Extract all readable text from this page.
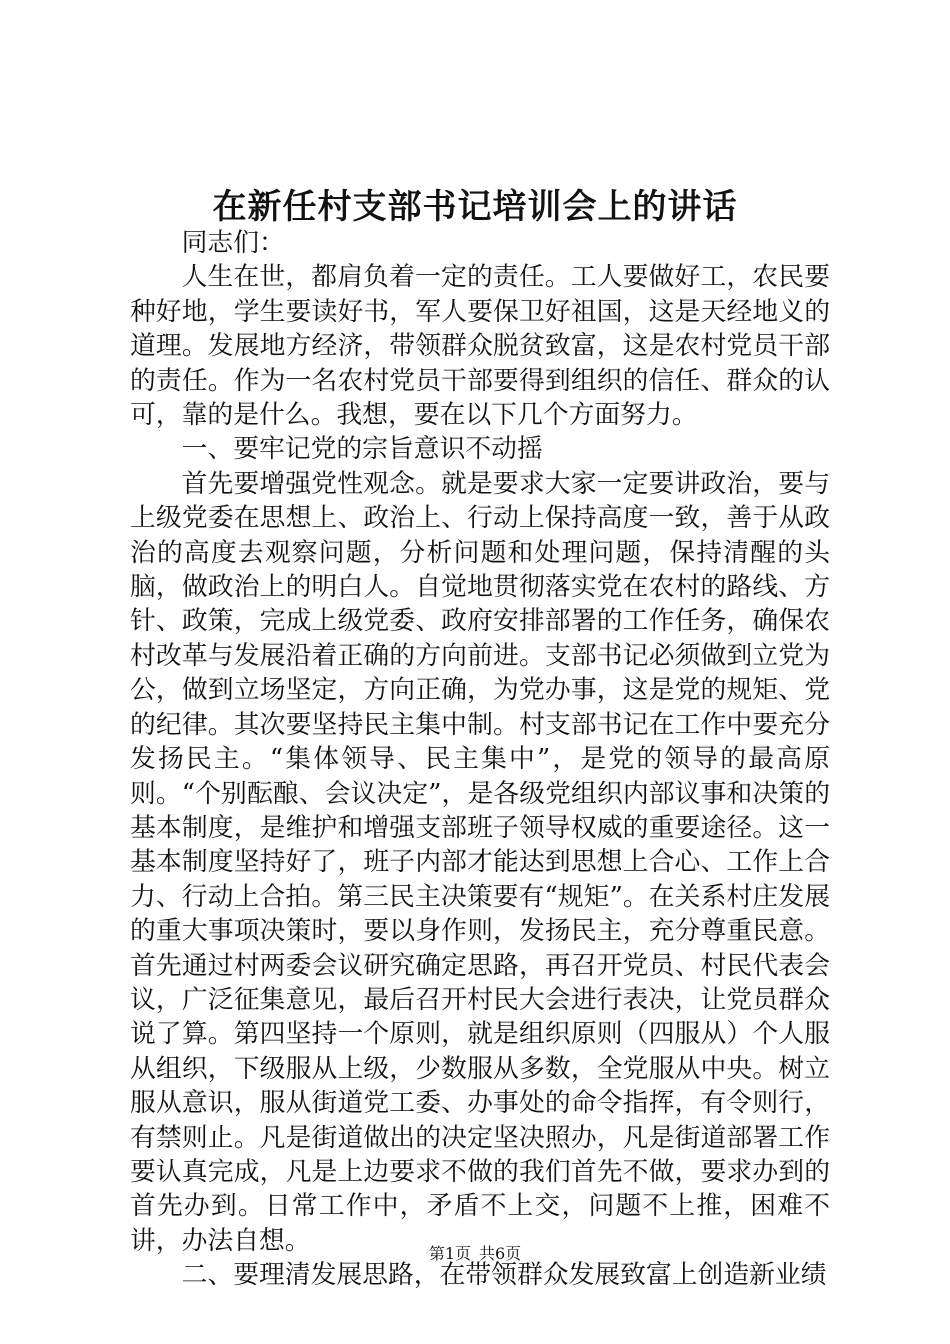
在新任村支部书记培训会上的讲话

同志们：

人生在世，都肩负着一定的责任。工人要做好工，农民要种好地，学生要读好书，军人要保卫好祖国，这是天经地义的道理。发展地方经济，带领群众脱贫致富，这是农村党员干部的责任。作为一名农村党员干部要得到组织的信任、群众的认可，靠的是什么。我想，要在以下几个方面努力。

一、要牢记党的宗旨意识不动摇

首先要增强党性观念。就是要求大家一定要讲政治，要与上级党委在思想上、政治上、行动上保持高度一致，善于从政治的高度去观察问题，分析问题和处理问题，保持清醒的头脑，做政治上的明白人。自觉地贯彻落实党在农村的路线、方针、政策，完成上级党委、政府安排部署的工作任务，确保农村改革与发展沿着正确的方向前进。支部书记必须做到立党为公，做到立场坚定，方向正确，为党办事，这是党的规矩、党的纪律。其次要坚持民主集中制。村支部书记在工作中要充分发扬民主。“集体领导、民主集中”，是党的领导的最高原则。“个别酝酿、会议决定”，是各级党组织内部议事和决策的基本制度，是维护和增强支部班子领导权威的重要途径。这一基本制度坚持好了，班子内部才能达到思想上合心、工作上合力、行动上合拍。第三民主决策要有“规矩”。在关系村庄发展的重大事项决策时，要以身作则，发扬民主，充分尊重民意。首先通过村两委会议研究确定思路，再召开党员、村民代表会议，广泛征集意见，最后召开村民大会进行表决，让党员群众说了算。第四坚持一个原则，就是组织原则（四服从）个人服从组织，下级服从上级，少数服从多数，全党服从中央。树立服从意识，服从街道党工委、办事处的命令指挥，有令则行，有禁则止。凡是街道做出的决定坚决照办，凡是街道部署工作要认真完成，凡是上边要求不做的我们首先不做，要求办到的首先办到。日常工作中，矛盾不上交，问题不上推，困难不讲，办法自想。

二、要理清发展思路，在带领群众发展致富上创造新业绩

第1页 共6页
